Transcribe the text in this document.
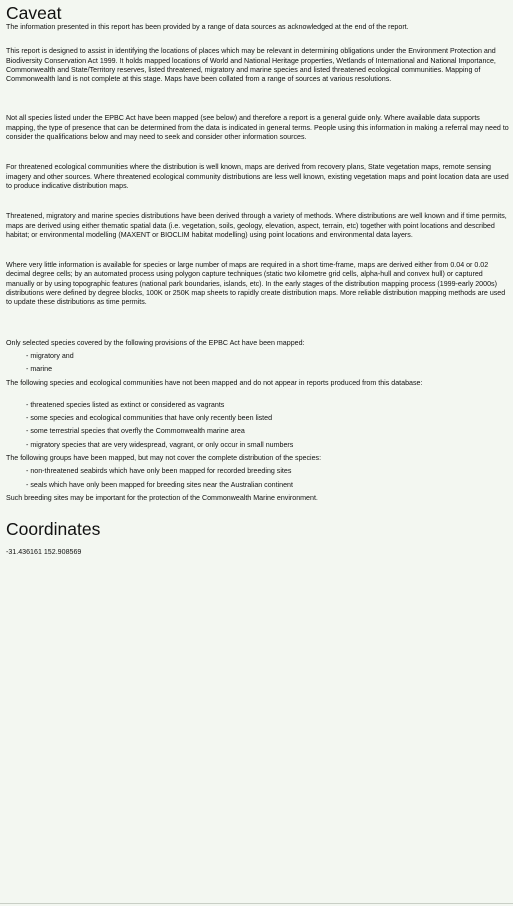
Caveat

The information presented in this report has been provided by a range of data sources as acknowledged at the end of the report.

This report is designed to assist in identifying the locations of places which may be relevant in determining obligations under the Environment Protection and Biodiversity Conservation Act 1999. It holds mapped locations of World and National Heritage properties, Wetlands of International and National Importance, Commonwealth and State/Territory reserves, listed threatened, migratory and marine species and listed threatened ecological communities. Mapping of Commonwealth land is not complete at this stage. Maps have been collated from a range of sources at various resolutions.

Not all species listed under the EPBC Act have been mapped (see below) and therefore a report is a general guide only. Where available data supports mapping, the type of presence that can be determined from the data is indicated in general terms. People using this information in making a referral may need to consider the qualifications below and may need to seek and consider other information sources.

For threatened ecological communities where the distribution is well known, maps are derived from recovery plans, State vegetation maps, remote sensing imagery and other sources. Where threatened ecological community distributions are less well known, existing vegetation maps and point location data are used to produce indicative distribution maps.

Threatened, migratory and marine species distributions have been derived through a variety of methods. Where distributions are well known and if time permits, maps are derived using either thematic spatial data (i.e. vegetation, soils, geology, elevation, aspect, terrain, etc) together with point locations and described habitat; or environmental modelling (MAXENT or BIOCLIM habitat modelling) using point locations and environmental data layers.

Where very little information is available for species or large number of maps are required in a short time-frame, maps are derived either from 0.04 or 0.02 decimal degree cells; by an automated process using polygon capture techniques (static two kilometre grid cells, alpha-hull and convex hull) or captured manually or by using topographic features (national park boundaries, islands, etc). In the early stages of the distribution mapping process (1999-early 2000s) distributions were defined by degree blocks, 100K or 250K map sheets to rapidly create distribution maps. More reliable distribution mapping methods are used to update these distributions as time permits.

Only selected species covered by the following provisions of the EPBC Act have been mapped:

- migratory and

- marine

The following species and ecological communities have not been mapped and do not appear in reports produced from this database:

- threatened species listed as extinct or considered as vagrants

- some species and ecological communities that have only recently been listed

- some terrestrial species that overfly the Commonwealth marine area

- migratory species that are very widespread, vagrant, or only occur in small numbers

The following groups have been mapped, but may not cover the complete distribution of the species:

- non-threatened seabirds which have only been mapped for recorded breeding sites

- seals which have only been mapped for breeding sites near the Australian continent

Such breeding sites may be important for the protection of the Commonwealth Marine environment.

Coordinates

-31.436161 152.908569
